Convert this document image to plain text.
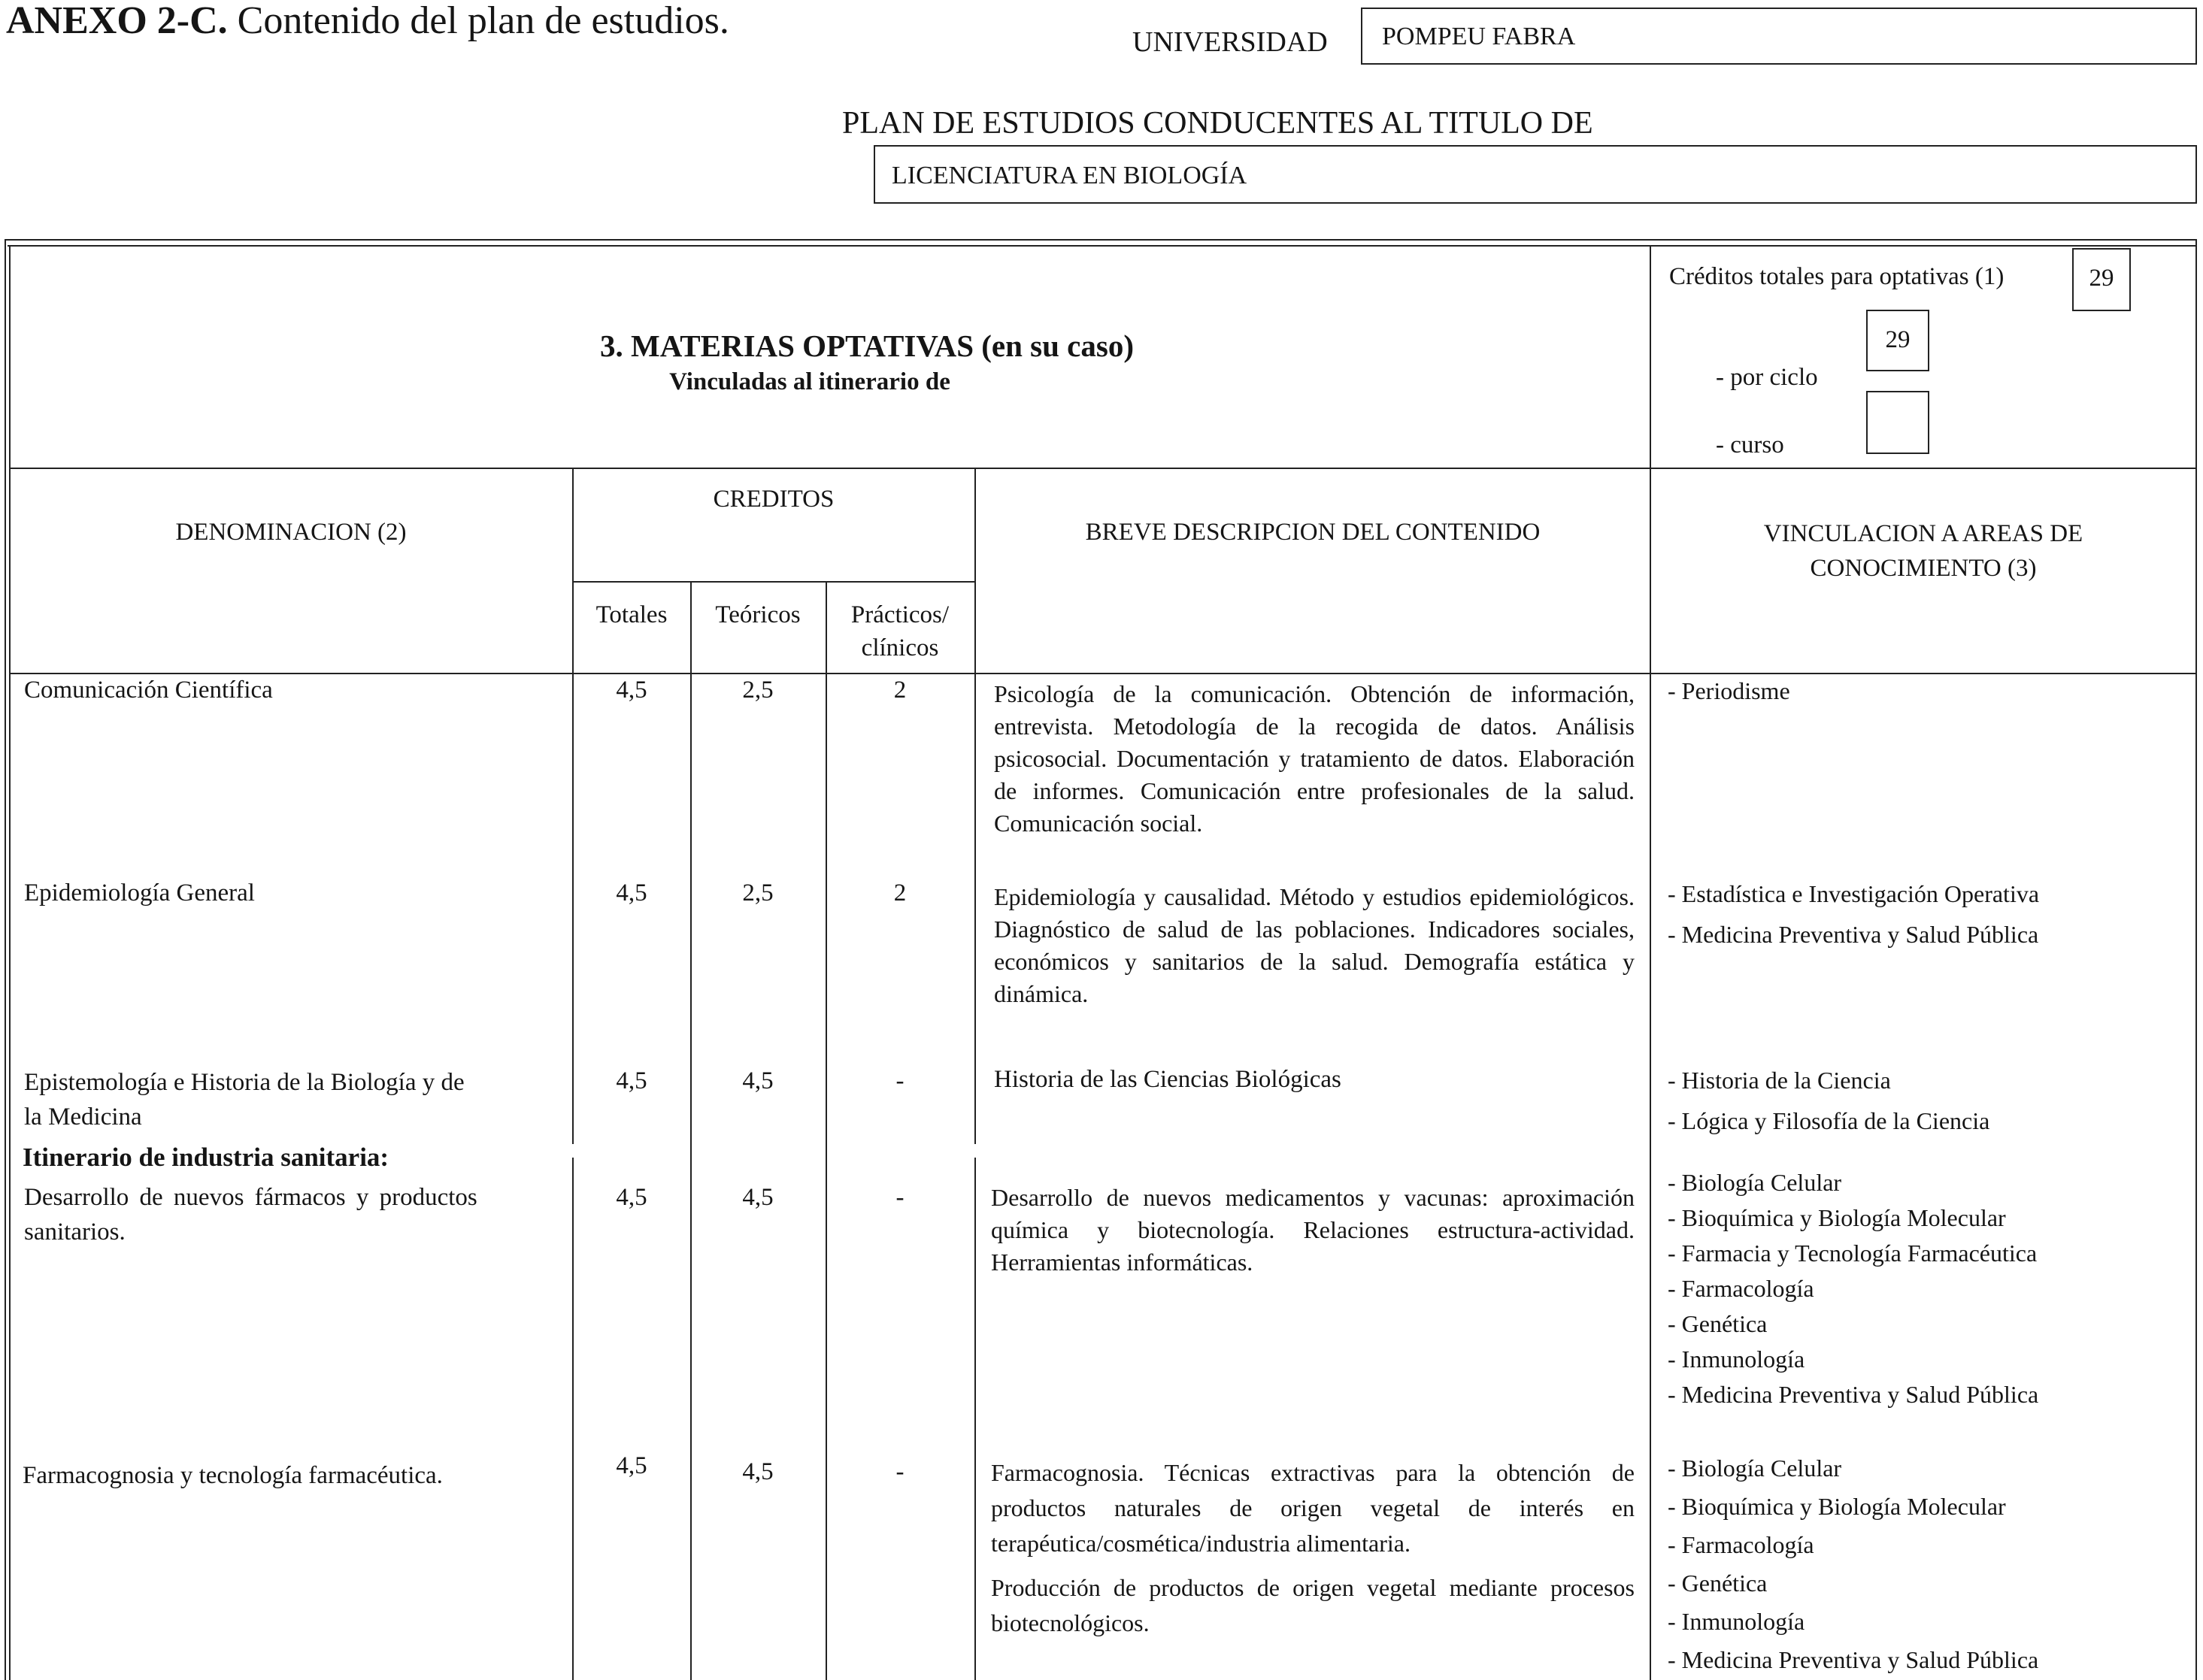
ANEXO 2-C. Contenido del plan de estudios.	UNIVERSIDAD POMPEU FABRA
PLAN DE ESTUDIOS CONDUCENTES AL TITULO DE
LICENCIATURA EN BIOLOGÍA
3. MATERIAS OPTATIVAS (en su caso)
Vinculadas al itinerario de
Créditos totales para optativas (1)	29
29
- por ciclo
- curso
DENOMINACION (2)
CREDITOS
Totales	Teóricos	Prácticos/
clínicos
BREVE DESCRIPCION DEL CONTENIDO	VINCULACION A AREAS DE
CONOCIMIENTO (3)
Comunicación Científica	4,5	2,5	2	Psicología de la comunicación. Obtención de información, entrevista. Metodología de la recogida de datos. Análisis psicosocial. Documentación y tratamiento de datos. Elaboración de informes. Comunicación entre profesionales de la salud. Comunicación social.

- Periodisme
Epidemiología General	4,5	2,5	2	Epidemiología y causalidad. Método y estudios epidemiológicos. Diagnóstico de salud de las poblaciones. Indicadores sociales, económicos y sanitarios de la salud. Demografía estática y dinámica.

- Estadística e Investigación Operativa
- Medicina Preventiva y Salud Pública
Epistemología e Historia de la Biología y de
la Medicina
4,5	4,5	-	Historia de las Ciencias Biológicas	- Historia de la Ciencia
- Lógica y Filosofía de la Ciencia
Itinerario de industria sanitaria:
Desarrollo de nuevos fármacos y productos
sanitarios.
4,5	4,5	-	Desarrollo de nuevos medicamentos y vacunas: aproximación química y biotecnología. Relaciones estructura-actividad. Herramientas informáticas.

- Biología Celular
- Bioquímica y Biología Molecular
- Farmacia y Tecnología Farmacéutica
- Farmacología
- Genética
- Inmunología
- Medicina Preventiva y Salud Pública
Farmacognosia y tecnología farmacéutica.	4,5	4,5	-	Farmacognosia. Técnicas extractivas para la obtención de productos naturales de origen vegetal de interés en terapéutica/cosmética/industria alimentaria.

Producción de productos de origen vegetal mediante procesos biotecnológicos.

- Biología Celular
- Bioquímica y Biología Molecular
- Farmacología
- Genética
- Inmunología
- Medicina Preventiva y Salud Pública
